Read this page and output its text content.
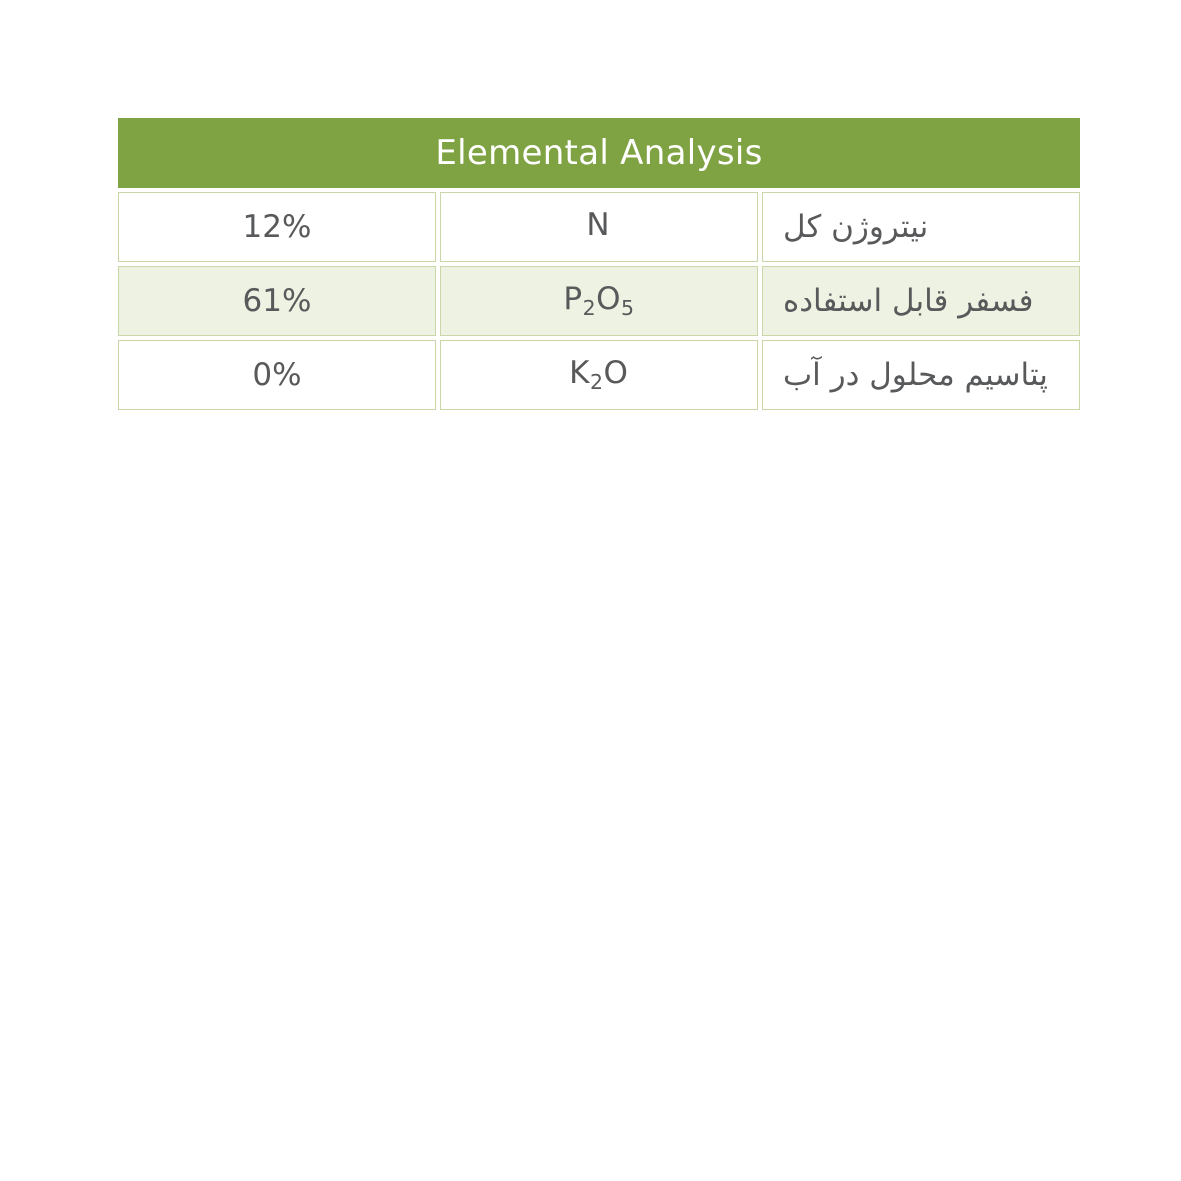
Elemental Analysis		
نیتروژن کل	N	12%
فسفر قابل استفاده	$P_2O_5$	61%
پتاسیم محلول در آب	$K_2O$	0%
